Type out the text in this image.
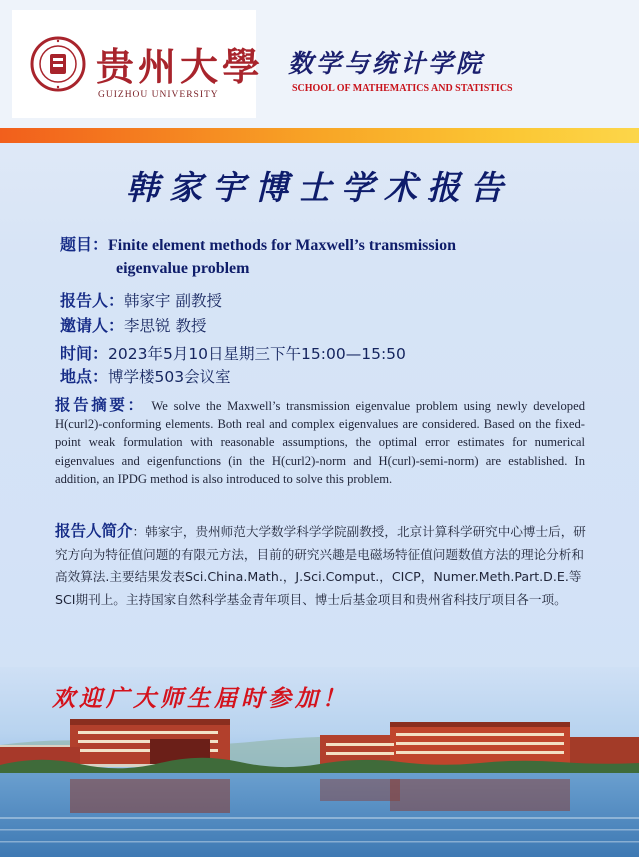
贵州大學
GUIZHOU UNIVERSITY
数学与统计学院
SCHOOL OF MATHEMATICS AND STATISTICS
韩家宇博士学术报告
题目：Finite element methods for Maxwell’s transmission
eigenvalue problem
报告人：韩家宇 副教授
邀请人：李思锐 教授
时间：2023年5月10日星期三下午15:00—15:50
地点：博学楼503会议室
报告摘要： We solve the Maxwell’s transmission eigenvalue problem using newly developed H(curl2)-conforming elements. Both real and complex eigenvalues are considered. Based on the fixed-point weak formulation with reasonable assumptions, the optimal error estimates for numerical eigenvalues and eigenfunctions (in the H(curl2)-norm and H(curl)-semi-norm) are established. In addition, an IPDG method is also introduced to solve this problem.
报告人简介：韩家宇，贵州师范大学数学科学学院副教授，北京计算科学研究中心博士后，研究方向为特征值问题的有限元方法，目前的研究兴趣是电磁场特征值问题数值方法的理论分析和高效算法.主要结果发表Sci.China.Math.，J.Sci.Comput.，CICP，Numer.Meth.Part.D.E.等SCI期刊上。主持国家自然科学基金青年项目、博士后基金项目和贵州省科技厅项目各一项。
欢迎广大师生届时参加！
